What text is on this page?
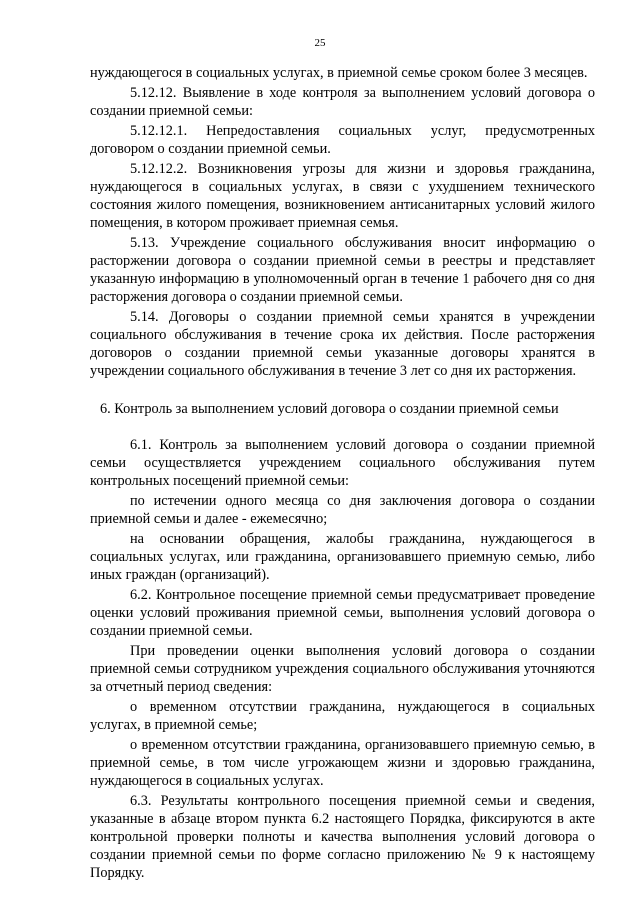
25

нуждающегося в социальных услугах, в приемной семье сроком более 3 месяцев.

5.12.12. Выявление в ходе контроля за выполнением условий договора о создании приемной семьи:

5.12.12.1. Непредоставления социальных услуг, предусмотренных договором о создании приемной семьи.

5.12.12.2. Возникновения угрозы для жизни и здоровья гражданина, нуждающегося в социальных услугах, в связи с ухудшением технического состояния жилого помещения, возникновением антисанитарных условий жилого помещения, в котором проживает приемная семья.

5.13. Учреждение социального обслуживания вносит информацию о расторжении договора о создании приемной семьи в реестры и представляет указанную информацию в уполномоченный орган в течение 1 рабочего дня со дня расторжения договора о создании приемной семьи.

5.14. Договоры о создании приемной семьи хранятся в учреждении социального обслуживания в течение срока их действия. После расторжения договоров о создании приемной семьи указанные договоры хранятся в учреждении социального обслуживания в течение 3 лет со дня их расторжения.

6. Контроль за выполнением условий договора о создании приемной семьи

6.1. Контроль за выполнением условий договора о создании приемной семьи осуществляется учреждением социального обслуживания путем контрольных посещений приемной семьи:

по истечении одного месяца со дня заключения договора о создании приемной семьи и далее - ежемесячно;

на основании обращения, жалобы гражданина, нуждающегося в социальных услугах, или гражданина, организовавшего приемную семью, либо иных граждан (организаций).

6.2. Контрольное посещение приемной семьи предусматривает проведение оценки условий проживания приемной семьи, выполнения условий договора о создании приемной семьи.

При проведении оценки выполнения условий договора о создании приемной семьи сотрудником учреждения социального обслуживания уточняются за отчетный период сведения:

о временном отсутствии гражданина, нуждающегося в социальных услугах, в приемной семье;

о временном отсутствии гражданина, организовавшего приемную семью, в приемной семье, в том числе угрожающем жизни и здоровью гражданина, нуждающегося в социальных услугах.

6.3. Результаты контрольного посещения приемной семьи и сведения, указанные в абзаце втором пункта 6.2 настоящего Порядка, фиксируются в акте контрольной проверки полноты и качества выполнения условий договора о создании приемной семьи по форме согласно приложению № 9 к настоящему Порядку.
